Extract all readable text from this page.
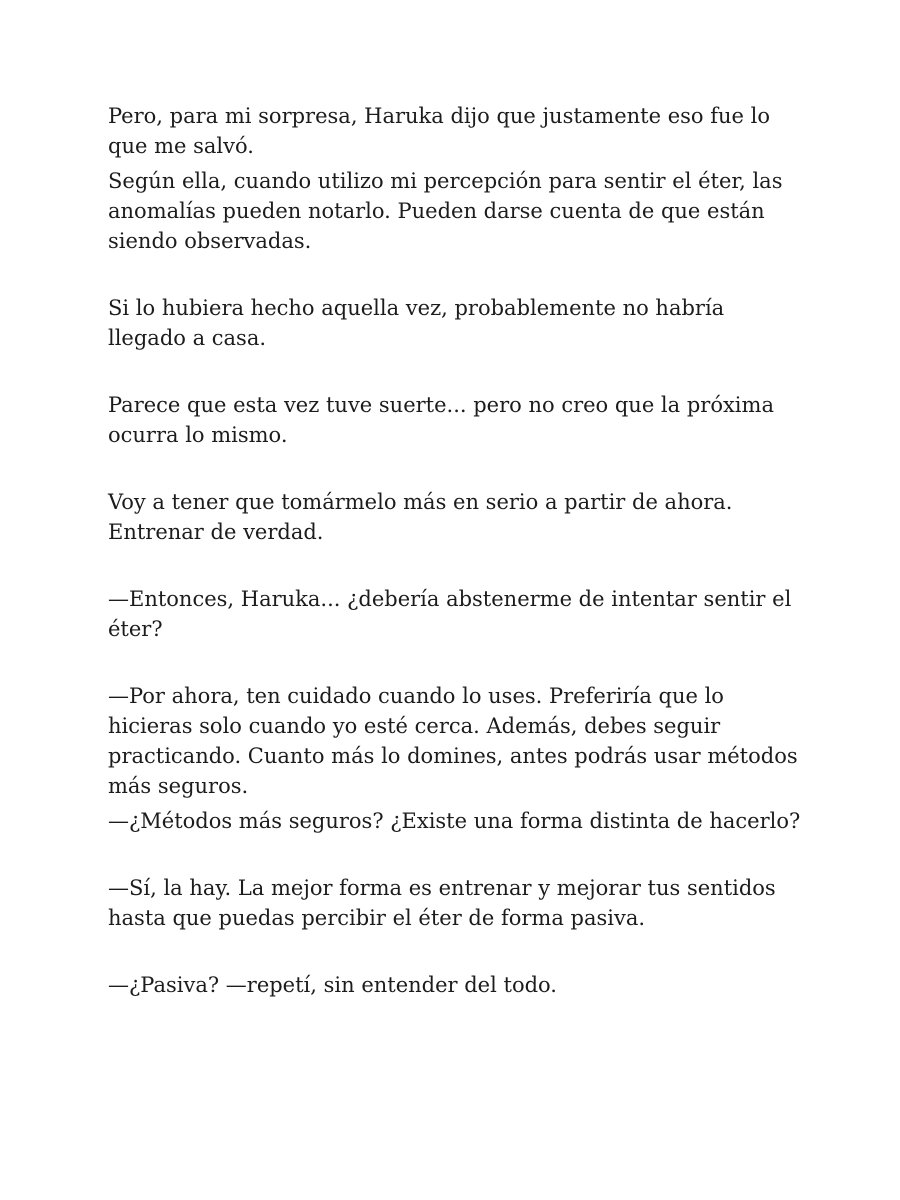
Pero, para mi sorpresa, Haruka dijo que justamente eso fue lo que me salvó.

Según ella, cuando utilizo mi percepción para sentir el éter, las anomalías pueden notarlo. Pueden darse cuenta de que están siendo observadas.

Si lo hubiera hecho aquella vez, probablemente no habría llegado a casa.

Parece que esta vez tuve suerte... pero no creo que la próxima ocurra lo mismo.

Voy a tener que tomármelo más en serio a partir de ahora. Entrenar de verdad.

—Entonces, Haruka... ¿debería abstenerme de intentar sentir el éter?

—Por ahora, ten cuidado cuando lo uses. Preferiría que lo hicieras solo cuando yo esté cerca. Además, debes seguir practicando. Cuanto más lo domines, antes podrás usar métodos más seguros.

—¿Métodos más seguros? ¿Existe una forma distinta de hacerlo?

—Sí, la hay. La mejor forma es entrenar y mejorar tus sentidos hasta que puedas percibir el éter de forma pasiva.

—¿Pasiva? —repetí, sin entender del todo.
